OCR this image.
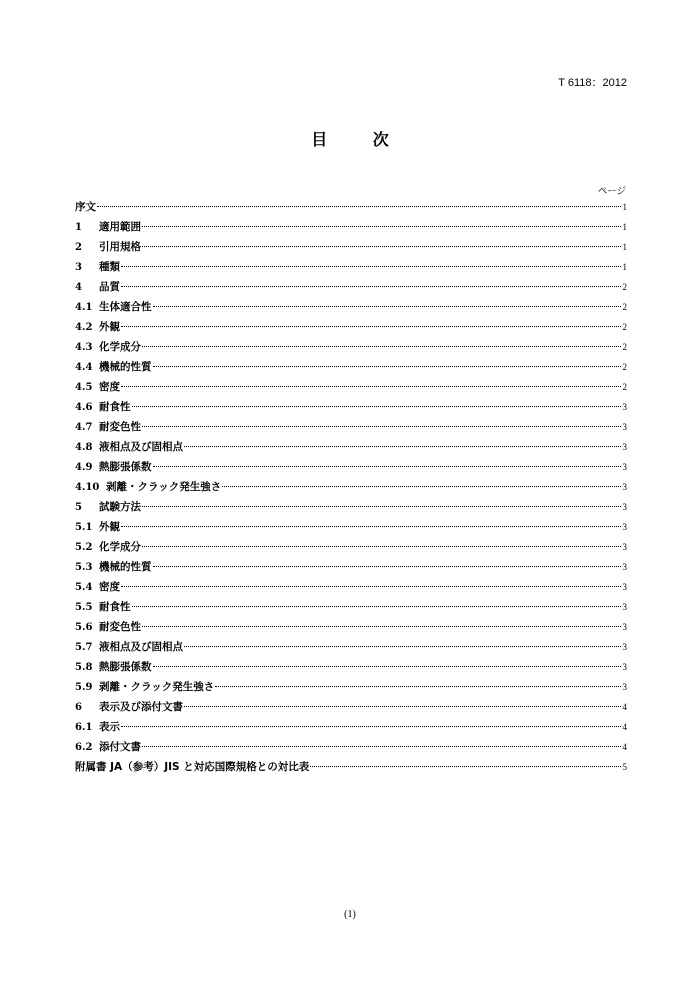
T 6118：2012
目 次
ページ
序文	1
1	適用範囲	1
2	引用規格	1
3	種類	1
4	品質	2
4.1 生体適合性	2
4.2 外観	2
4.3 化学成分	2
4.4 機械的性質	2
4.5 密度	2
4.6 耐食性	3
4.7 耐変色性	3
4.8 液相点及び固相点	3
4.9 熱膨張係数	3
4.10 剥離・クラック発生強さ	3
5	試験方法	3
5.1 外観	3
5.2 化学成分	3
5.3 機械的性質	3
5.4 密度	3
5.5 耐食性	3
5.6 耐変色性	3
5.7 液相点及び固相点	3
5.8 熱膨張係数	3
5.9 剥離・クラック発生強さ	3
6	表示及び添付文書	4
6.1 表示	4
6.2 添付文書	4
附属書 JA（参考）JIS と対応国際規格との対比表	5
(1)
